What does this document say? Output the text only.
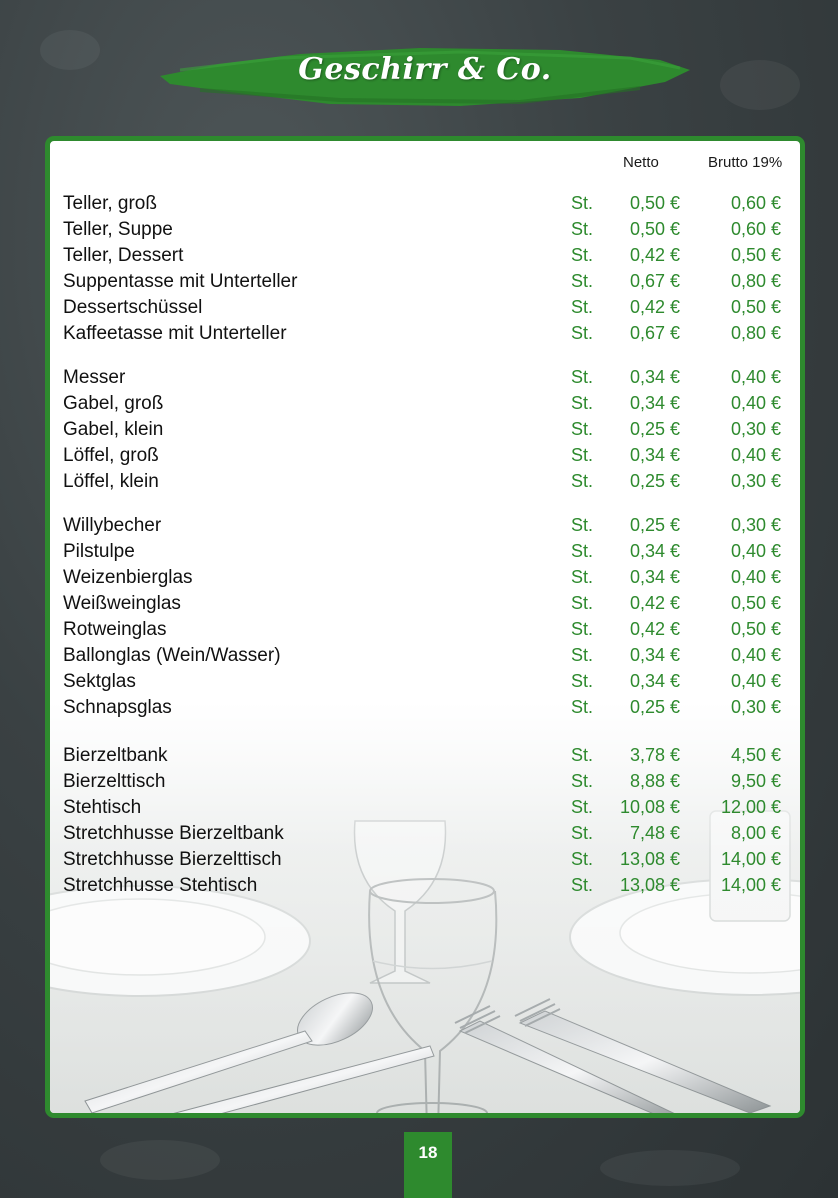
Geschirr & Co.
Netto	Brutto 19%
Teller, groß	St. 0,50 €	0,60 €
Teller, Suppe	St. 0,50 €	0,60 €
Teller, Dessert	St. 0,42 €	0,50 €
Suppentasse mit Unterteller	St. 0,67 €	0,80 €
Dessertschüssel	St. 0,42 €	0,50 €
Kaffeetasse mit Unterteller	St. 0,67 €	0,80 €
Messer	St. 0,34 €	0,40 €
Gabel, groß	St. 0,34 €	0,40 €
Gabel, klein	St. 0,25 €	0,30 €
Löffel, groß	St. 0,34 €	0,40 €
Löffel, klein	St. 0,25 €	0,30 €
Willybecher	St. 0,25 €	0,30 €
Pilstulpe	St. 0,34 €	0,40 €
Weizenbierglas	St. 0,34 €	0,40 €
Weißweinglas	St. 0,42 €	0,50 €
Rotweinglas	St. 0,42 €	0,50 €
Ballonglas (Wein/Wasser)	St. 0,34 €	0,40 €
Sektglas	St. 0,34 €	0,40 €
Schnapsglas	St. 0,25 €	0,30 €
Bierzeltbank	St. 3,78 €	4,50 €
Bierzelttisch	St. 8,88 €	9,50 €
Stehtisch	St. 10,08 € 12,00 €
Stretchhusse Bierzeltbank	St. 7,48 €	8,00 €
Stretchhusse Bierzelttisch	St. 13,08 € 14,00 €
Stretchhusse Stehtisch	St. 13,08 € 14,00 €
18
